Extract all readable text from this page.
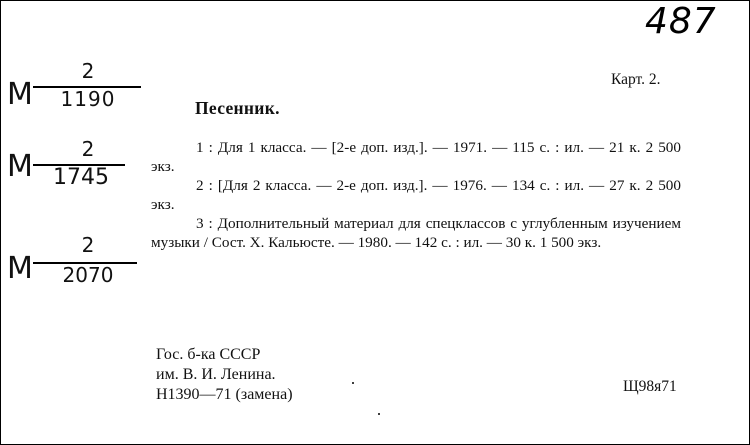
487
M
2
1190
M	2
1745
M
2
2070
Карт. 2.
Песенник.
1 : Для 1 класса. — [2-е доп. изд.]. — 1971. — 115 с. : ил. — 21 к. 2 500 экз.
2 : [Для 2 класса. — 2-е доп. изд.]. — 1976. — 134 с. : ил. — 27 к. 2 500 экз.
3 : Дополнительный материал для спецклассов с углубленным изучением музыки / Сост. Х. Кальюсте. — 1980. — 142 с. : ил. — 30 к. 1 500 экз.
Гос. б-ка СССР
им. В. И. Ленина.
Н1390—71 (замена)	Щ98я71
